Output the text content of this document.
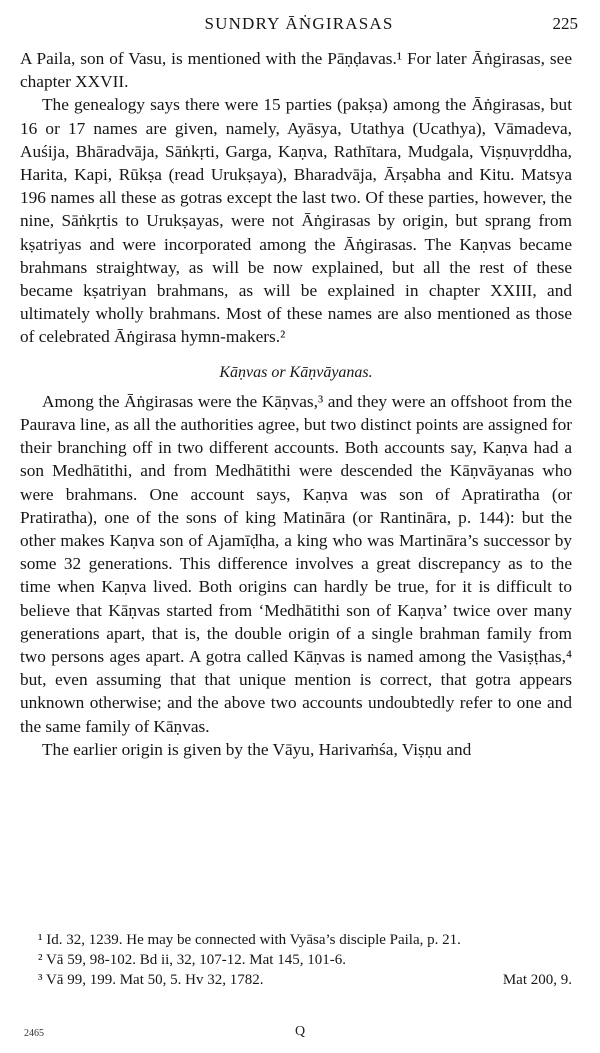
SUNDRY ĀṄGIRASAS	225

A Paila, son of Vasu, is mentioned with the Pāṇḍavas.¹ For later Āṅgirasas, see chapter XXVII.

The genealogy says there were 15 parties (pakṣa) among the Āṅgirasas, but 16 or 17 names are given, namely, Ayāsya, Utathya (Ucathya), Vāmadeva, Auśija, Bhāradvāja, Sāṅkṛti, Garga, Kaṇva, Rathītara, Mudgala, Viṣṇuvṛddha, Harita, Kapi, Rūkṣa (read Urukṣaya), Bharadvāja, Ārṣabha and Kitu. Matsya 196 names all these as gotras except the last two. Of these parties, however, the nine, Sāṅkṛtis to Urukṣayas, were not Āṅgirasas by origin, but sprang from kṣatriyas and were incorporated among the Āṅgirasas. The Kaṇvas became brahmans straightway, as will be now explained, but all the rest of these became kṣatriyan brahmans, as will be explained in chapter XXIII, and ultimately wholly brahmans. Most of these names are also mentioned as those of celebrated Āṅgirasa hymn-makers.²

Kāṇvas or Kāṇvāyanas.

Among the Āṅgirasas were the Kāṇvas,³ and they were an offshoot from the Paurava line, as all the authorities agree, but two distinct points are assigned for their branching off in two different accounts. Both accounts say, Kaṇva had a son Medhātithi, and from Medhātithi were descended the Kāṇvāyanas who were brahmans. One account says, Kaṇva was son of Apratiratha (or Pratiratha), one of the sons of king Matināra (or Rantināra, p. 144): but the other makes Kaṇva son of Ajamīḍha, a king who was Martināra’s successor by some 32 generations. This difference involves a great discrepancy as to the time when Kaṇva lived. Both origins can hardly be true, for it is difficult to believe that Kāṇvas started from ‘Medhātithi son of Kaṇva’ twice over many generations apart, that is, the double origin of a single brahman family from two persons ages apart. A gotra called Kāṇvas is named among the Vasiṣṭhas,⁴ but, even assuming that that unique mention is correct, that gotra appears unknown otherwise; and the above two accounts undoubtedly refer to one and the same family of Kāṇvas.

The earlier origin is given by the Vāyu, Harivaṁśa, Viṣṇu and

¹ Id. 32, 1239. He may be connected with Vyāsa’s disciple Paila, p. 21.

² Vā 59, 98-102. Bd ii, 32, 107-12. Mat 145, 101-6.

Mat 200, 9.
³ Vā 99, 199. Mat 50, 5. Hv 32, 1782.

2465	Q
